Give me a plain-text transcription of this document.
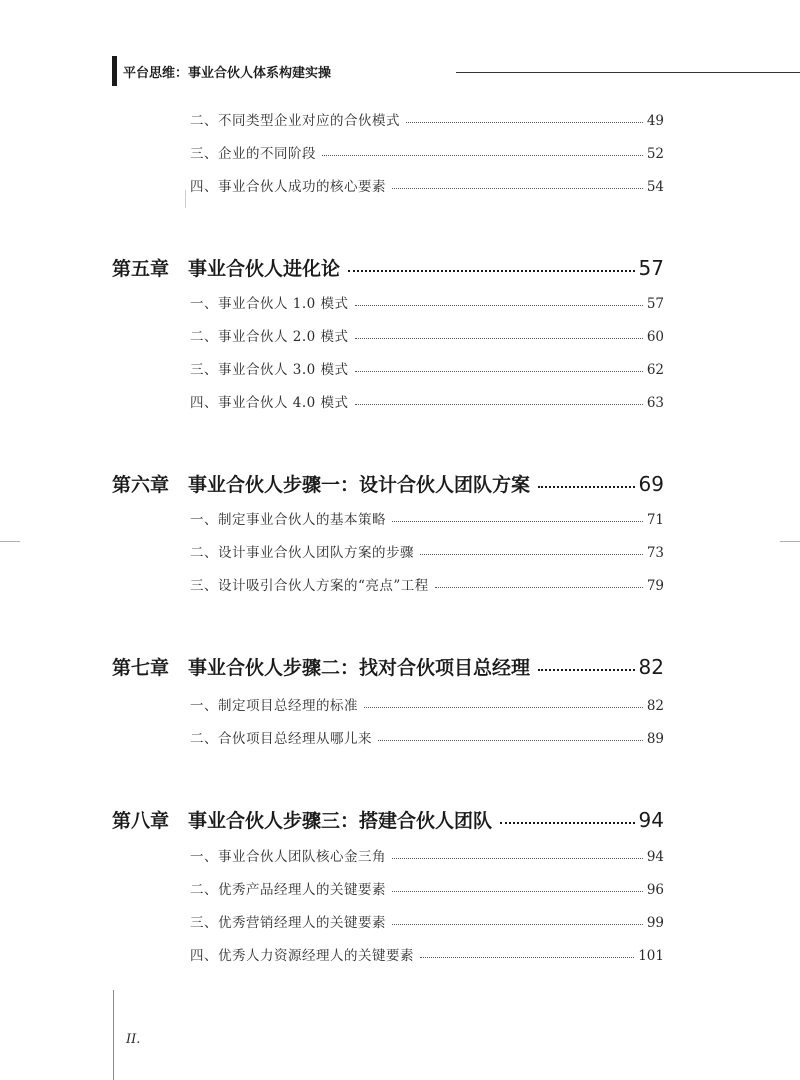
平台思维：事业合伙人体系构建实操
二、不同类型企业对应的合伙模式	49
三、企业的不同阶段	52
四、事业合伙人成功的核心要素	54
第五章 事业合伙人进化论	57
一、事业合伙人 1.0 模式	57
二、事业合伙人 2.0 模式	60
三、事业合伙人 3.0 模式	62
四、事业合伙人 4.0 模式	63
第六章 事业合伙人步骤一：设计合伙人团队方案	69
一、制定事业合伙人的基本策略	71
二、设计事业合伙人团队方案的步骤	73
三、设计吸引合伙人方案的“亮点”工程	79
第七章 事业合伙人步骤二：找对合伙项目总经理	82
一、制定项目总经理的标准	82
二、合伙项目总经理从哪儿来	89
第八章 事业合伙人步骤三：搭建合伙人团队	94
一、事业合伙人团队核心金三角	94
二、优秀产品经理人的关键要素	96
三、优秀营销经理人的关键要素	99
四、优秀人力资源经理人的关键要素	101
II.
